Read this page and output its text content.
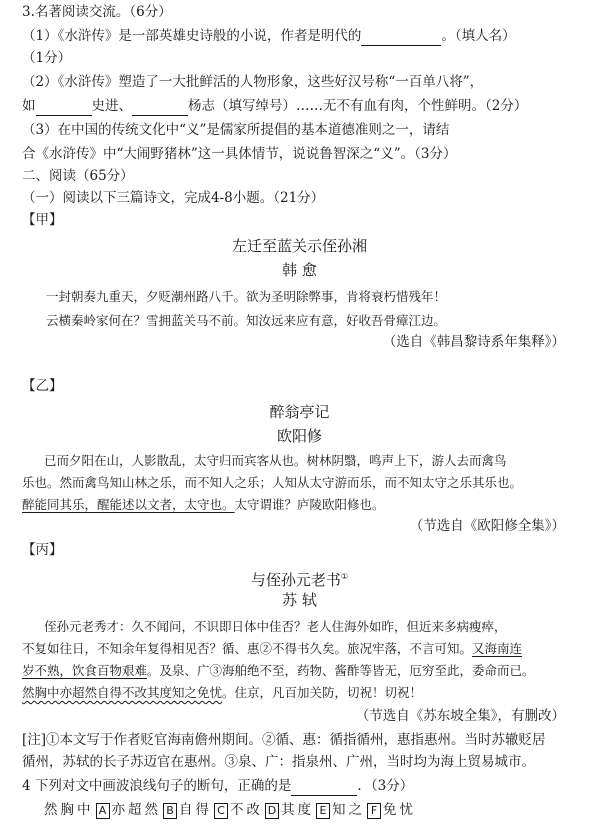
3.名著阅读交流。（6分）
（1）《水浒传》是一部英雄史诗般的小说，作者是明代的	。（填人名）
（1分）
（2）《水浒传》塑造了一大批鲜活的人物形象，这些好汉号称“一百单八将”，
如	史进、	杨志（填写绰号）……无不有血有肉，个性鲜明。（2分）
（3）在中国的传统文化中“义”是儒家所提倡的基本道德准则之一，请结
合《水浒传》中“大闹野猪林”这一具体情节，说说鲁智深之“义”。（3分）
二、阅读（65分）
（一）阅读以下三篇诗文，完成4-8小题。（21分）
【甲】
左迁至蓝关示侄孙湘
韩 愈
一封朝奏九重天，夕贬潮州路八千。欲为圣明除弊事，肯将衰朽惜残年！
云横秦岭家何在？雪拥蓝关马不前。知汝远来应有意，好收吾骨瘴江边。
（选自《韩昌黎诗系年集释》）
【乙】
醉翁亭记
欧阳修
已而夕阳在山，人影散乱，太守归而宾客从也。树林阴翳，鸣声上下，游人去而禽鸟
乐也。然而禽鸟知山林之乐，而不知人之乐；人知从太守游而乐，而不知太守之乐其乐也。
醉能同其乐，醒能述以文者，太守也。太守谓谁？庐陵欧阳修也。
（节选自《欧阳修全集》）
【丙】
与侄孙元老书①
苏 轼
侄孙元老秀才：久不闻问，不识即日体中佳否？老人住海外如昨，但近来多病瘦瘁，
不复如往日，不知余年复得相见否？循、惠②不得书久矣。旅况牢落，不言可知。又海南连
岁不熟，饮食百物艰难。及泉、广③海舶绝不至，药物、酱酢等皆无，厄穷至此，委命而已。
然胸中亦超然自得不改其度知之免忧。住京，凡百加关防，切祝！切祝！
（节选自《苏东坡全集》，有删改）
[注]①本文写于作者贬官海南儋州期间。②循、惠：循指循州，惠指惠州。当时苏辙贬居
循州，苏轼的长子苏迈官在惠州。③泉、广：指泉州、广州，当时均为海上贸易城市。
4 下列对文中画波浪线句子的断句，正确的是	．（3分）
然胸中 A 亦超然 B 自得 C 不改 D 其度 E 知之 F 免忧
